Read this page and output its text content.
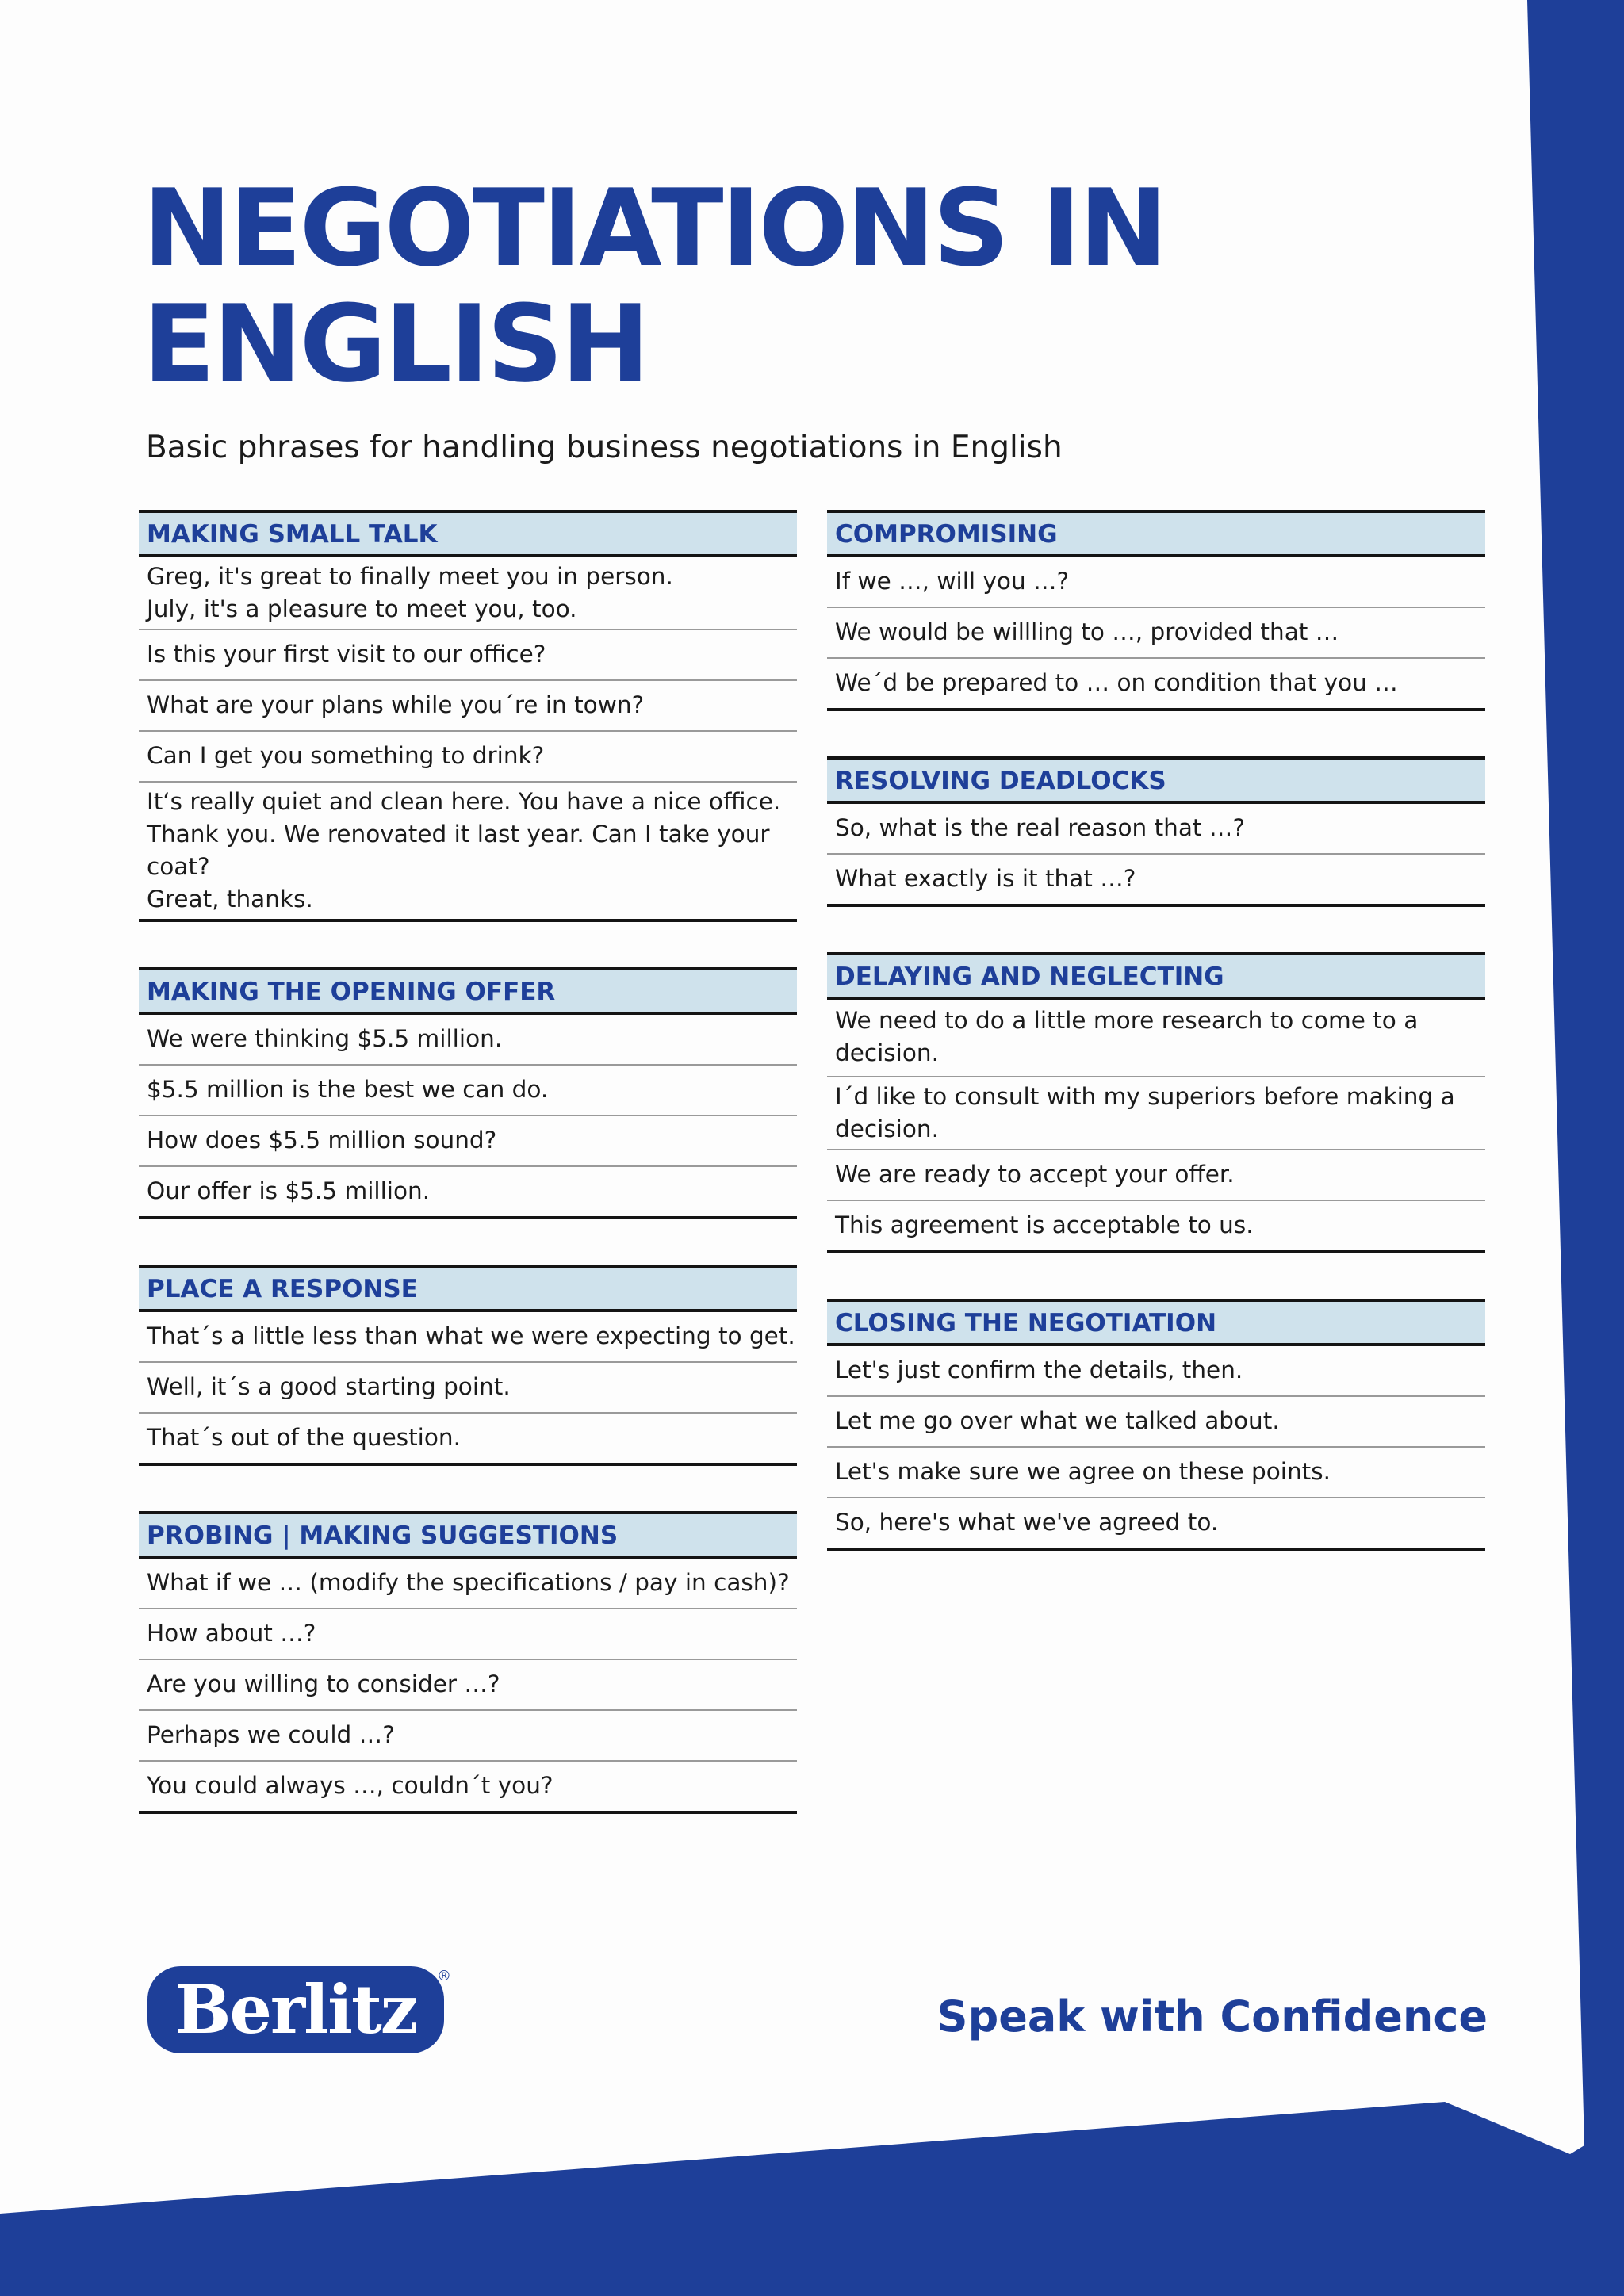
NEGOTIATIONS IN
ENGLISH

Basic phrases for handling business negotiations in English

MAKING SMALL TALK
Greg, it's great to finally meet you in person.
July, it's a pleasure to meet you, too.
Is this your first visit to our office?
What are your plans while you´re in town?
Can I get you something to drink?
It‘s really quiet and clean here. You have a nice office.
Thank you. We renovated it last year. Can I take your coat?
Great, thanks.
MAKING THE OPENING OFFER
We were thinking $5.5 million.
$5.5 million is the best we can do.
How does $5.5 million sound?
Our offer is $5.5 million.
PLACE A RESPONSE
That´s a little less than what we were expecting to get.
Well, it´s a good starting point.
That´s out of the question.
PROBING | MAKING SUGGESTIONS
What if we … (modify the specifications / pay in cash)?
How about …?
Are you willing to consider …?
Perhaps we could …?
You could always …, couldn´t you?
COMPROMISING
If we …, will you …?
We would be willling to …, provided that …
We´d be prepared to … on condition that you …
RESOLVING DEADLOCKS
So, what is the real reason that …?
What exactly is it that …?
DELAYING AND NEGLECTING
We need to do a little more research to come to a decision.
I´d like to consult with my superiors before making a
decision.
We are ready to accept your offer.
This agreement is acceptable to us.
CLOSING THE NEGOTIATION
Let's just confirm the details, then.
Let me go over what we talked about.
Let's make sure we agree on these points.
So, here's what we've agreed to.
Berlitz ®
Speak with Confidence
